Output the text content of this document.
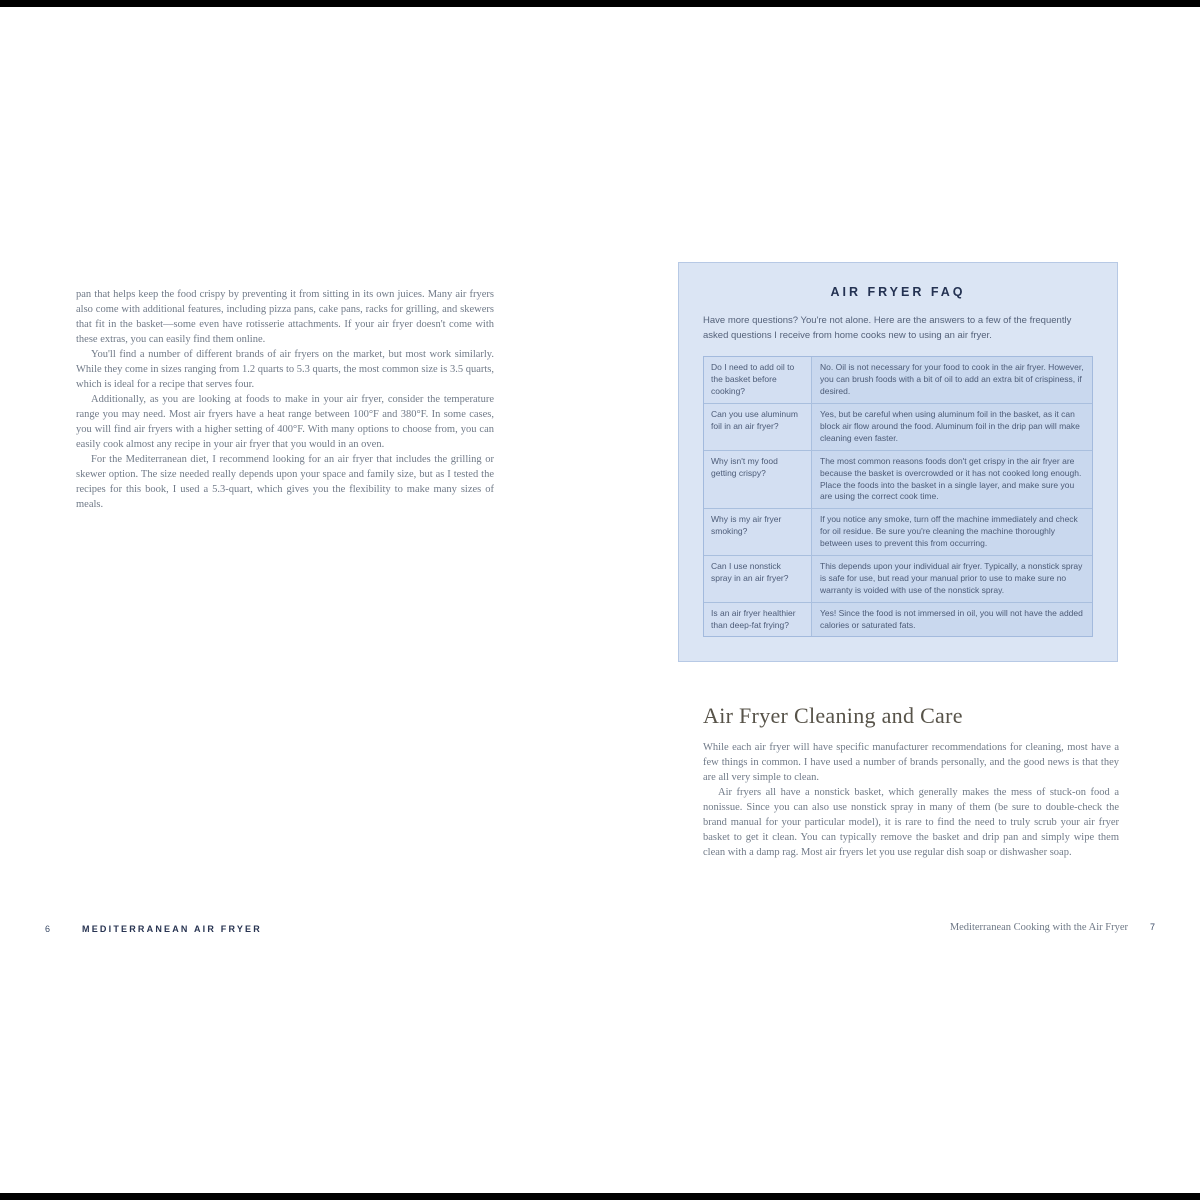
pan that helps keep the food crispy by preventing it from sitting in its own juices. Many air fryers also come with additional features, including pizza pans, cake pans, racks for grilling, and skewers that fit in the basket—some even have rotisserie attachments. If your air fryer doesn't come with these extras, you can easily find them online.

You'll find a number of different brands of air fryers on the market, but most work similarly. While they come in sizes ranging from 1.2 quarts to 5.3 quarts, the most common size is 3.5 quarts, which is ideal for a recipe that serves four.

Additionally, as you are looking at foods to make in your air fryer, consider the temperature range you may need. Most air fryers have a heat range between 100°F and 380°F. In some cases, you will find air fryers with a higher setting of 400°F. With many options to choose from, you can easily cook almost any recipe in your air fryer that you would in an oven.

For the Mediterranean diet, I recommend looking for an air fryer that includes the grilling or skewer option. The size needed really depends upon your space and family size, but as I tested the recipes for this book, I used a 5.3-quart, which gives you the flexibility to make many sizes of meals.

6	MEDITERRANEAN AIR FRYER
AIR FRYER FAQ
Have more questions? You're not alone. Here are the answers to a few of the frequently asked questions I receive from home cooks new to using an air fryer.
Do I need to add oil to the basket before cooking?
No. Oil is not necessary for your food to cook in the air fryer. However, you can brush foods with a bit of oil to add an extra bit of crispiness, if desired.
Can you use aluminum foil in an air fryer?
Yes, but be careful when using aluminum foil in the basket, as it can block air flow around the food. Aluminum foil in the drip pan will make cleaning even faster.
Why isn't my food getting crispy?
The most common reasons foods don't get crispy in the air fryer are because the basket is overcrowded or it has not cooked long enough. Place the foods into the basket in a single layer, and make sure you are using the correct cook time.
Why is my air fryer smoking?
If you notice any smoke, turn off the machine immediately and check for oil residue. Be sure you're cleaning the machine thoroughly between uses to prevent this from occurring.
Can I use nonstick spray in an air fryer?
This depends upon your individual air fryer. Typically, a nonstick spray is safe for use, but read your manual prior to use to make sure no warranty is voided with use of the nonstick spray.
Is an air fryer healthier than deep-fat frying?
Yes! Since the food is not immersed in oil, you will not have the added calories or saturated fats.
Air Fryer Cleaning and Care

While each air fryer will have specific manufacturer recommendations for cleaning, most have a few things in common. I have used a number of brands personally, and the good news is that they are all very simple to clean.

Air fryers all have a nonstick basket, which generally makes the mess of stuck-on food a nonissue. Since you can also use nonstick spray in many of them (be sure to double-check the brand manual for your particular model), it is rare to find the need to truly scrub your air fryer basket to get it clean. You can typically remove the basket and drip pan and simply wipe them clean with a damp rag. Most air fryers let you use regular dish soap or dishwasher soap.

Mediterranean Cooking with the Air Fryer 7
